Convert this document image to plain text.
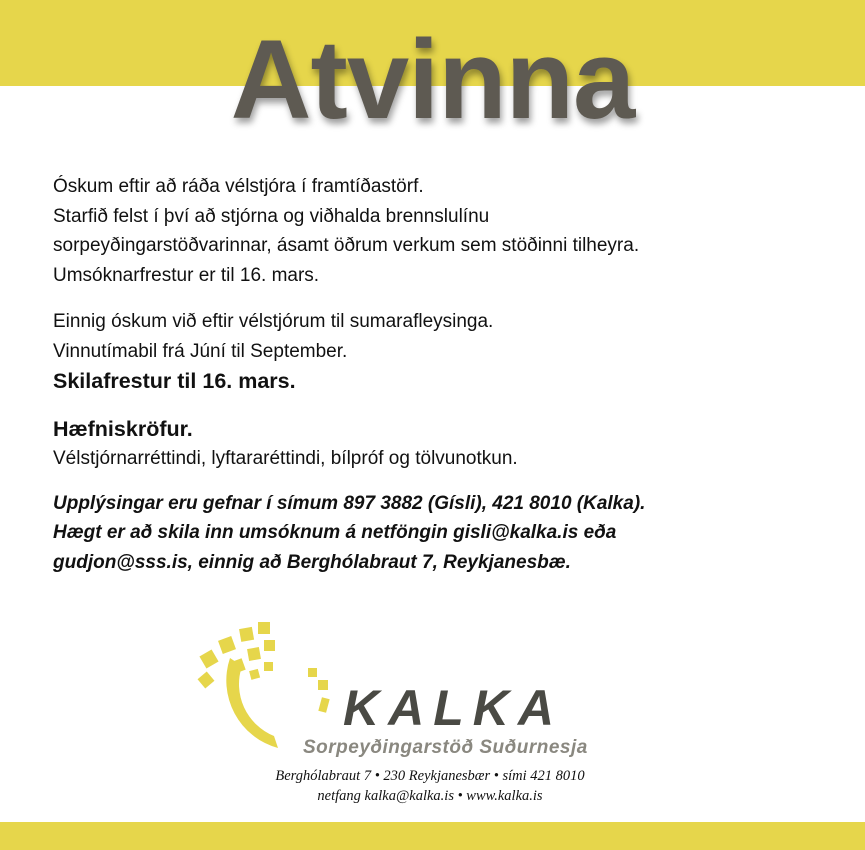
Atvinna

Óskum eftir að ráða vélstjóra í framtíðastörf.

Starfið felst í því að stjórna og viðhalda brennslulínu

sorpeyðingarstöðvarinnar, ásamt öðrum verkum sem stöðinni tilheyra.

Umsóknarfrestur er til 16. mars.

Einnig óskum við eftir vélstjórum til sumarafleysinga.

Vinnutímabil frá Júní til September.

Skilafrestur til 16. mars.

Hæfniskröfur.

Vélstjórnarréttindi, lyftararéttindi, bílpróf og tölvunotkun.

Upplýsingar eru gefnar í símum 897 3882 (Gísli), 421 8010 (Kalka).

Hægt er að skila inn umsóknum á netföngin gisli@kalka.is eða

gudjon@sss.is, einnig að Berghólabraut 7, Reykjanesbæ.

KALKA
Sorpeyðingarstöð Suðurnesja
Berghólabraut 7 • 230 Reykjanesbær • sími 421 8010
netfang kalka@kalka.is • www.kalka.is
